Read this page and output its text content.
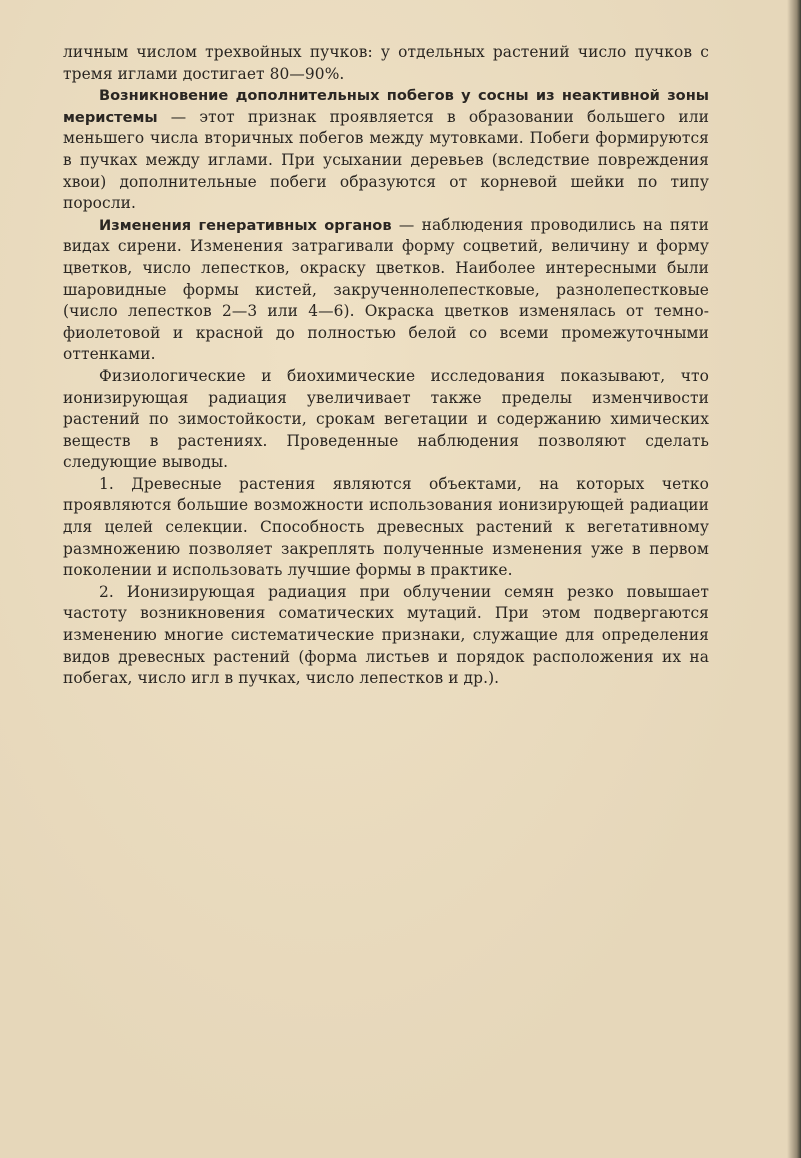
личным числом трехвойных пучков: у отдельных растений число пучков с тремя иглами достигает 80—90%.

Возникновение дополнительных побегов у сосны из неактивной зоны меристемы — этот признак проявляется в образовании большего или меньшего числа вторичных побегов между мутовками. Побеги формируются в пучках между иглами. При усыхании деревьев (вследствие повреждения хвои) дополнительные побеги образуются от корневой шейки по типу поросли.

Изменения генеративных органов — наблюдения проводились на пяти видах сирени. Изменения затрагивали форму соцветий, величину и форму цветков, число лепестков, окраску цветков. Наиболее интересными были шаровидные формы кистей, закрученнолепестковые, разнолепестковые (число лепестков 2—3 или 4—6). Окраска цветков изменялась от темно-фиолетовой и красной до полностью белой со всеми промежуточными оттенками.

Физиологические и биохимические исследования показывают, что ионизирующая радиация увеличивает также пределы изменчивости растений по зимостойкости, срокам вегетации и содержанию химических веществ в растениях. Проведенные наблюдения позволяют сделать следующие выводы.

1. Древесные растения являются объектами, на которых четко проявляются большие возможности использования ионизирующей радиации для целей селекции. Способность древесных растений к вегетативному размножению позволяет закреплять полученные изменения уже в первом поколении и использовать лучшие формы в практике.

2. Ионизирующая радиация при облучении семян резко повышает частоту возникновения соматических мутаций. При этом подвергаются изменению многие систематические признаки, служащие для определения видов древесных растений (форма листьев и порядок расположения их на побегах, число игл в пучках, число лепестков и др.).
